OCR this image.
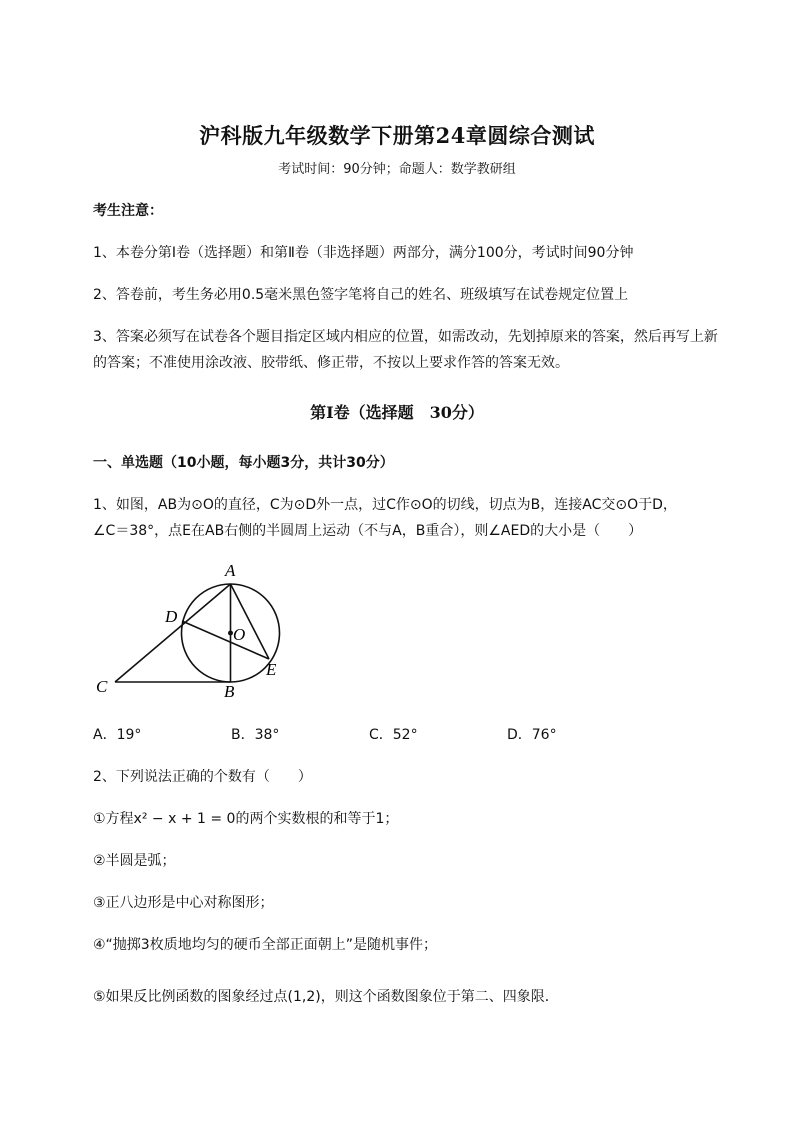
沪科版九年级数学下册第24章圆综合测试
考试时间：90分钟；命题人：数学教研组
考生注意：
1、本卷分第Ⅰ卷（选择题）和第Ⅱ卷（非选择题）两部分，满分100分，考试时间90分钟
2、答卷前，考生务必用0.5毫米黑色签字笔将自己的姓名、班级填写在试卷规定位置上
3、答案必须写在试卷各个题目指定区域内相应的位置，如需改动，先划掉原来的答案，然后再写上新
的答案；不准使用涂改液、胶带纸、修正带，不按以上要求作答的答案无效。
第Ⅰ卷（选择题　30分）
一、单选题（10小题，每小题3分，共计30分）
1、如图，AB为⊙O的直径，C为⊙D外一点，过C作⊙O的切线，切点为B，连接AC交⊙O于D，
∠C＝38°，点E在AB右侧的半圆周上运动（不与A，B重合），则∠AED的大小是（　　）
A
D
O
E
C	B
A．19°	B．38°	C．52°	D．76°
2、下列说法正确的个数有（　　）
①方程x² − x + 1 = 0的两个实数根的和等于1；
②半圆是弧；
③正八边形是中心对称图形；
④“抛掷3枚质地均匀的硬币全部正面朝上”是随机事件；
⑤如果反比例函数的图象经过点(1,2)，则这个函数图象位于第二、四象限．
